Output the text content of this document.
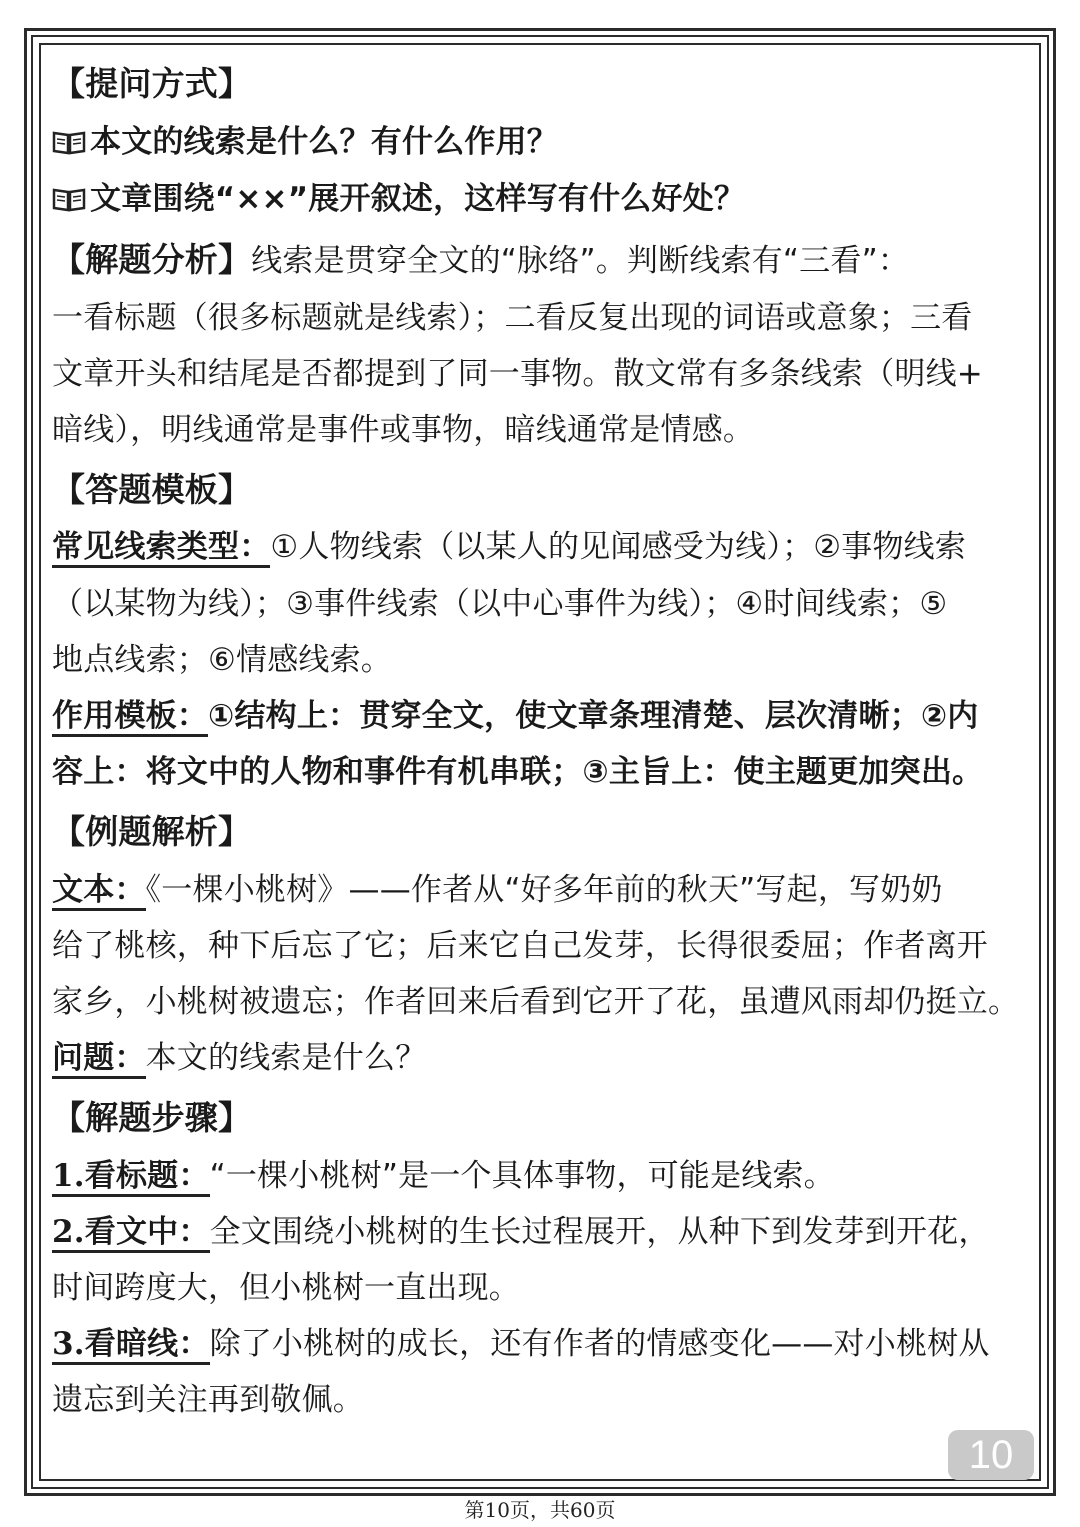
【提问方式】
本文的线索是什么？有什么作用？
文章围绕“××”展开叙述，这样写有什么好处？
【解题分析】线索是贯穿全文的“脉络”。判断线索有“三看”：
一看标题（很多标题就是线索）；二看反复出现的词语或意象；三看
文章开头和结尾是否都提到了同一事物。散文常有多条线索（明线+
暗线），明线通常是事件或事物，暗线通常是情感。
【答题模板】
常见线索类型：①人物线索（以某人的见闻感受为线）；②事物线索
（以某物为线）；③事件线索（以中心事件为线）；④时间线索；⑤
地点线索；⑥情感线索。
作用模板：①结构上：贯穿全文，使文章条理清楚、层次清晰；②内
容上：将文中的人物和事件有机串联；③主旨上：使主题更加突出。
【例题解析】
文本：《一棵小桃树》——作者从“好多年前的秋天”写起，写奶奶
给了桃核，种下后忘了它；后来它自己发芽，长得很委屈；作者离开
家乡，小桃树被遗忘；作者回来后看到它开了花，虽遭风雨却仍挺立。
问题：本文的线索是什么？
【解题步骤】
1.看标题：“一棵小桃树”是一个具体事物，可能是线索。
2.看文中：全文围绕小桃树的生长过程展开，从种下到发芽到开花，
时间跨度大，但小桃树一直出现。
3.看暗线：除了小桃树的成长，还有作者的情感变化——对小桃树从
遗忘到关注再到敬佩。
10
第10页，共60页
